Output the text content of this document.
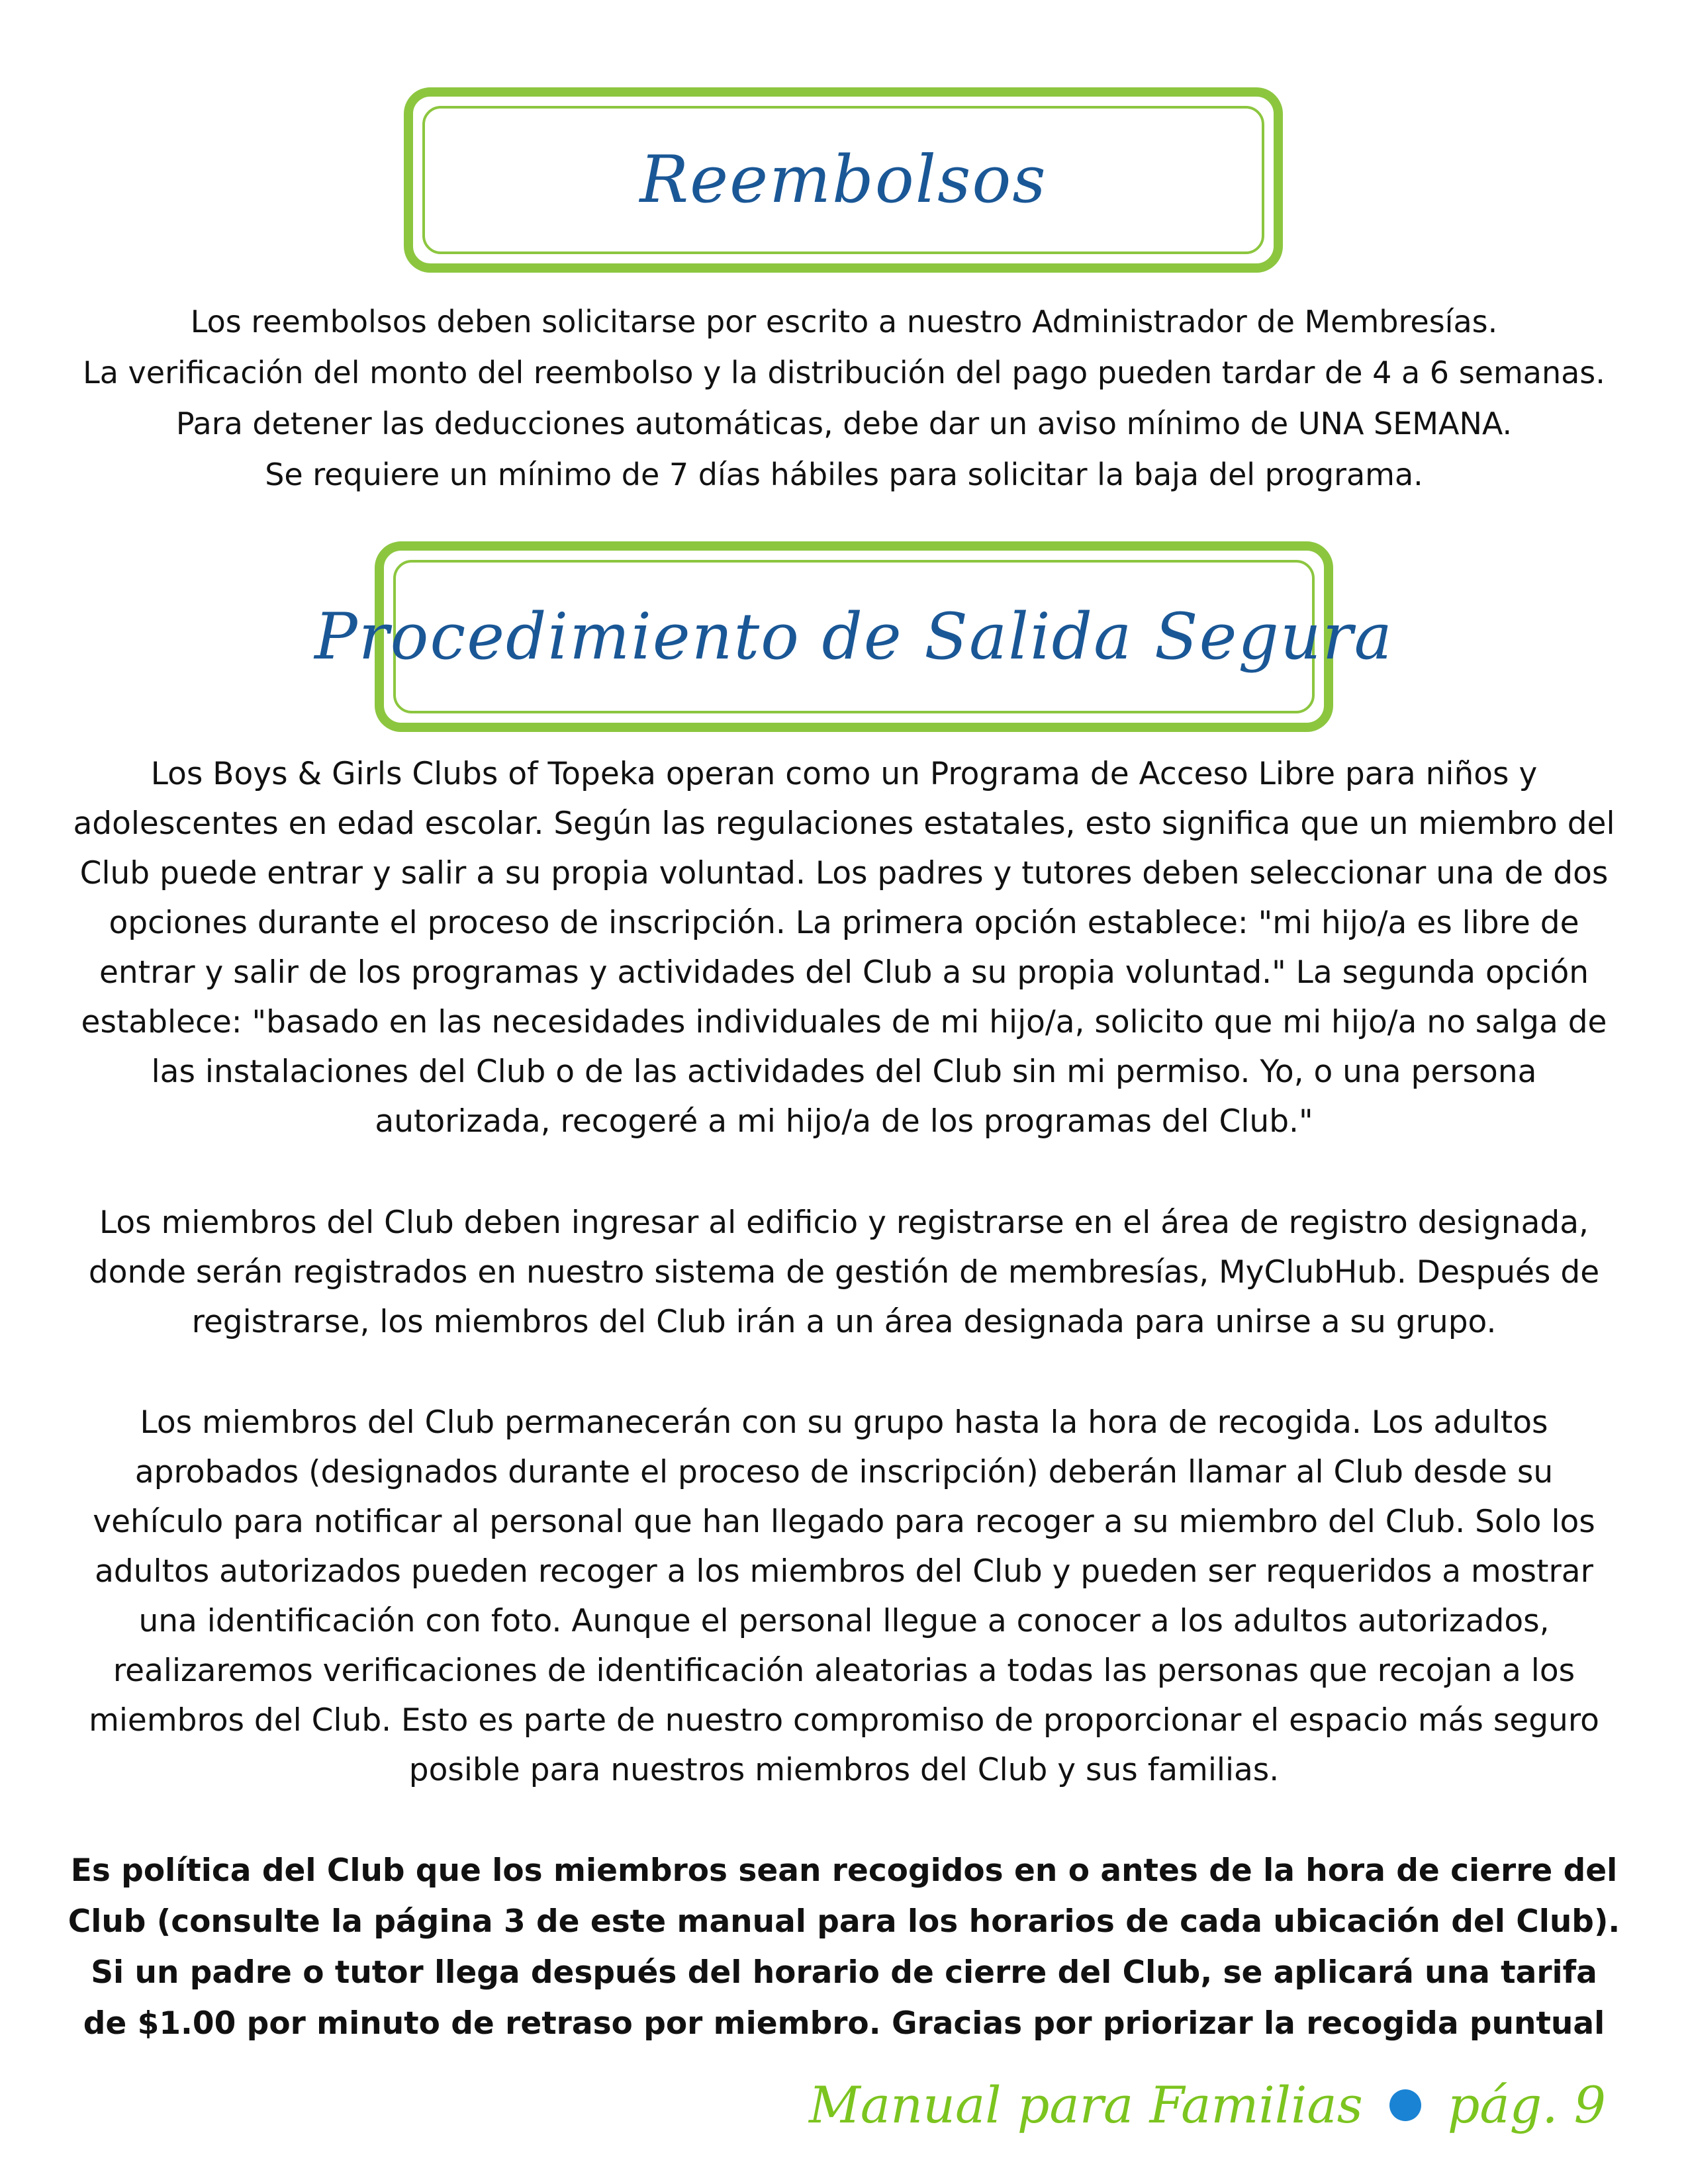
Reembolsos

Los reembolsos deben solicitarse por escrito a nuestro Administrador de Membresías.

La verificación del monto del reembolso y la distribución del pago pueden tardar de 4 a 6 semanas.

Para detener las deducciones automáticas, debe dar un aviso mínimo de UNA SEMANA.

Se requiere un mínimo de 7 días hábiles para solicitar la baja del programa.

Procedimiento de Salida Segura

Los Boys & Girls Clubs of Topeka operan como un Programa de Acceso Libre para niños y adolescentes en edad escolar. Según las regulaciones estatales, esto significa que un miembro del Club puede entrar y salir a su propia voluntad. Los padres y tutores deben seleccionar una de dos opciones durante el proceso de inscripción. La primera opción establece: "mi hijo/a es libre de entrar y salir de los programas y actividades del Club a su propia voluntad." La segunda opción establece: "basado en las necesidades individuales de mi hijo/a, solicito que mi hijo/a no salga de las instalaciones del Club o de las actividades del Club sin mi permiso. Yo, o una persona autorizada, recogeré a mi hijo/a de los programas del Club."

Los miembros del Club deben ingresar al edificio y registrarse en el área de registro designada, donde serán registrados en nuestro sistema de gestión de membresías, MyClubHub. Después de registrarse, los miembros del Club irán a un área designada para unirse a su grupo.

Los miembros del Club permanecerán con su grupo hasta la hora de recogida. Los adultos aprobados (designados durante el proceso de inscripción) deberán llamar al Club desde su vehículo para notificar al personal que han llegado para recoger a su miembro del Club. Solo los adultos autorizados pueden recoger a los miembros del Club y pueden ser requeridos a mostrar una identificación con foto. Aunque el personal llegue a conocer a los adultos autorizados, realizaremos verificaciones de identificación aleatorias a todas las personas que recojan a los miembros del Club. Esto es parte de nuestro compromiso de proporcionar el espacio más seguro posible para nuestros miembros del Club y sus familias.

Es política del Club que los miembros sean recogidos en o antes de la hora de cierre del Club (consulte la página 3 de este manual para los horarios de cada ubicación del Club). Si un padre o tutor llega después del horario de cierre del Club, se aplicará una tarifa de $1.00 por minuto de retraso por miembro. Gracias por priorizar la recogida puntual

Manual para Familias pág. 9
